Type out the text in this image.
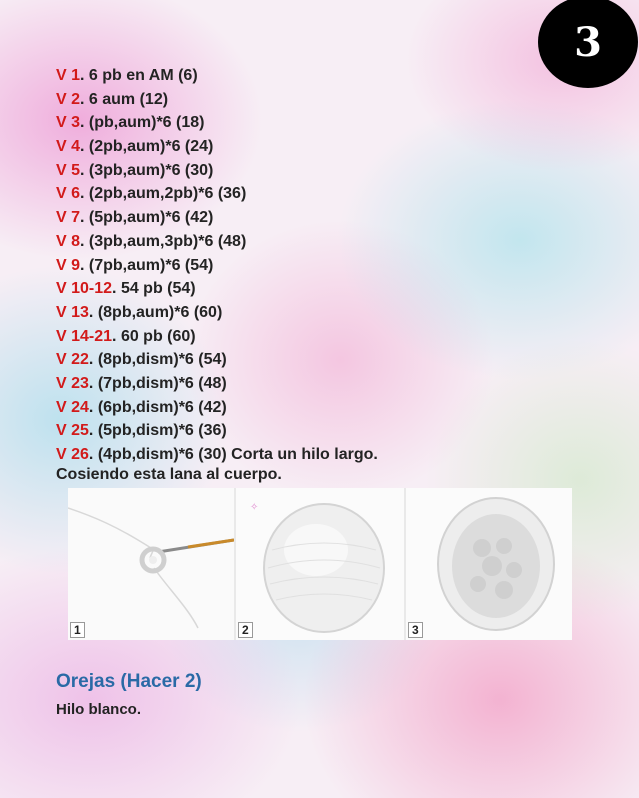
3
V 1. 6 pb en AM (6)
V 2. 6 aum (12)
V 3. (pb,aum)*6 (18)
V 4. (2pb,aum)*6 (24)
V 5. (3pb,aum)*6 (30)
V 6. (2pb,aum,2pb)*6 (36)
V 7. (5pb,aum)*6 (42)
V 8. (3pb,aum,3pb)*6 (48)
V 9. (7pb,aum)*6 (54)
V 10-12. 54 pb (54)
V 13. (8pb,aum)*6 (60)
V 14-21. 60 pb (60)
V 22. (8pb,dism)*6 (54)
V 23. (7pb,dism)*6 (48)
V 24. (6pb,dism)*6 (42)
V 25. (5pb,dism)*6 (36)
V 26. (4pb,dism)*6 (30) Corta un hilo largo.
Cosiendo esta lana al cuerpo.
1
✧
2	3
Orejas (Hacer 2)
Hilo blanco.
